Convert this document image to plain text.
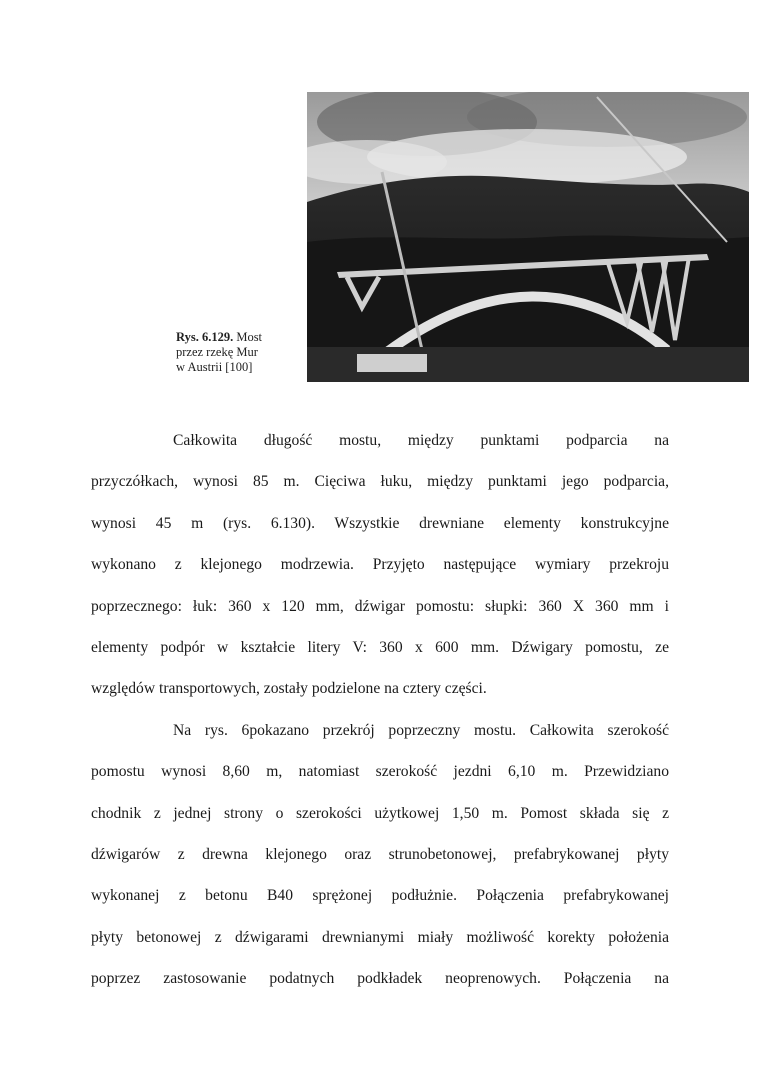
Rys. 6.129. Most
przez rzekę Mur
w Austrii [100]
Całkowita długość mostu, między punktami podparcia na
przyczółkach, wynosi 85 m. Cięciwa łuku, między punktami jego podparcia,
wynosi 45 m (rys. 6.130). Wszystkie drewniane elementy konstrukcyjne
wykonano z klejonego modrzewia. Przyjęto następujące wymiary przekroju
poprzecznego: łuk: 360 x 120 mm, dźwigar pomostu: słupki: 360 X 360 mm i
elementy podpór w kształcie litery V: 360 x 600 mm. Dźwigary pomostu, ze
względów transportowych, zostały podzielone na cztery części.
Na rys. 6pokazano przekrój poprzeczny mostu. Całkowita szerokość
pomostu wynosi 8,60 m, natomiast szerokość jezdni 6,10 m. Przewidziano
chodnik z jednej strony o szerokości użytkowej 1,50 m. Pomost składa się z
dźwigarów z drewna klejonego oraz strunobetonowej, prefabrykowanej płyty
wykonanej z betonu B40 sprężonej podłużnie. Połączenia prefabrykowanej
płyty betonowej z dźwigarami drewnianymi miały możliwość korekty położenia
poprzez zastosowanie podatnych podkładek neoprenowych. Połączenia na
